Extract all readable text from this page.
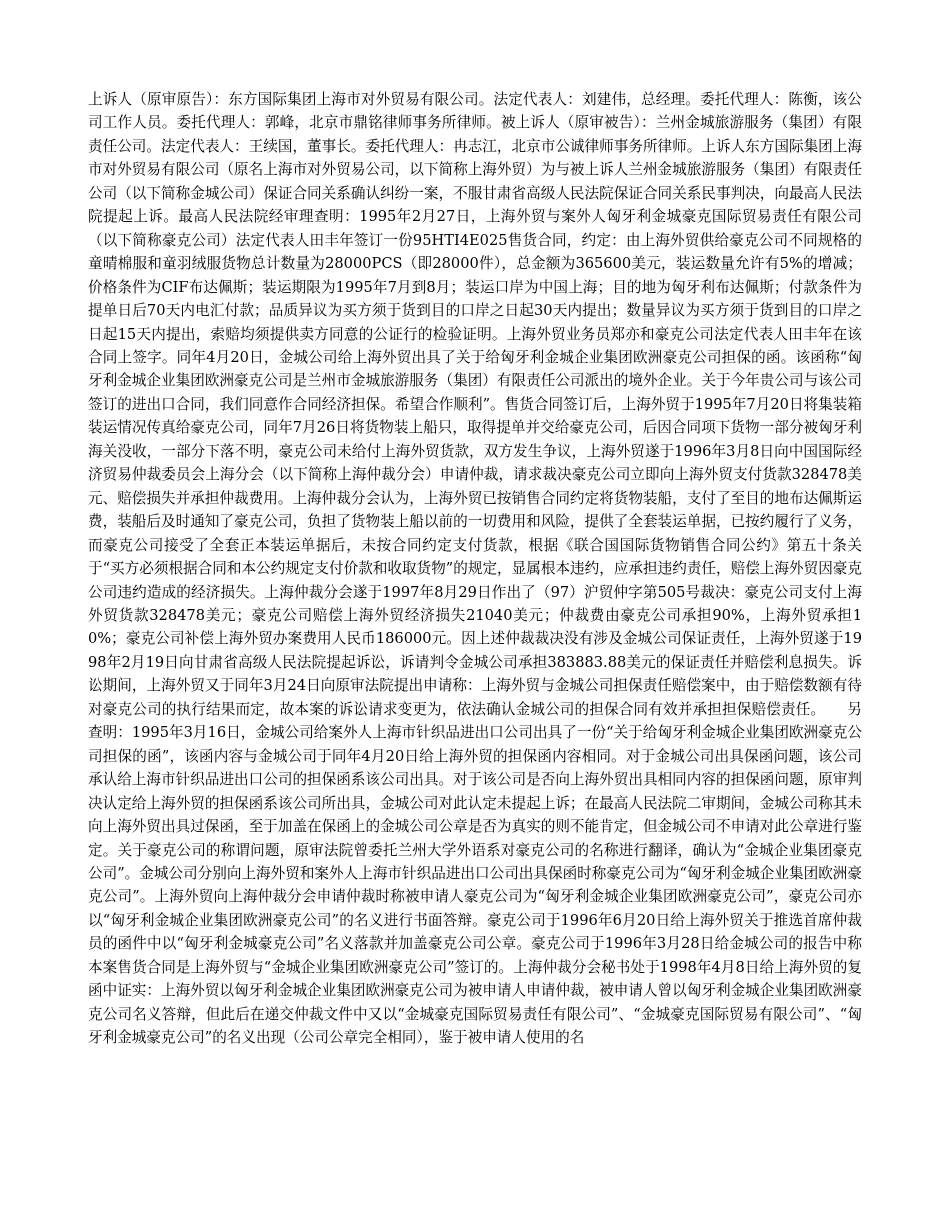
上诉人（原审原告）：东方国际集团上海市对外贸易有限公司。法定代表人：刘建伟，总经理。委托代理人：陈衡，该公司工作人员。委托代理人：郭峰，北京市鼎铭律师事务所律师。被上诉人（原审被告）：兰州金城旅游服务（集团）有限责任公司。法定代表人：王续国，董事长。委托代理人：冉志江，北京市公诚律师事务所律师。上诉人东方国际集团上海市对外贸易有限公司（原名上海市对外贸易公司，以下简称上海外贸）为与被上诉人兰州金城旅游服务（集团）有限责任公司（以下简称金城公司）保证合同关系确认纠纷一案，不服甘肃省高级人民法院保证合同关系民事判决，向最高人民法院提起上诉。最高人民法院经审理查明：1995年2月27日，上海外贸与案外人匈牙利金城豪克国际贸易责任有限公司（以下简称豪克公司）法定代表人田丰年签订一份95HTI4E025售货合同，约定：由上海外贸供给豪克公司不同规格的童晴棉服和童羽绒服货物总计数量为28000PCS（即28000件），总金额为365600美元，装运数量允许有5%的增减；价格条件为CIF布达佩斯；装运期限为1995年7月到8月；装运口岸为中国上海；目的地为匈牙利布达佩斯；付款条件为提单日后70天内电汇付款；品质异议为买方须于货到目的口岸之日起30天内提出；数量异议为买方须于货到目的口岸之日起15天内提出，索赔均须提供卖方同意的公证行的检验证明。上海外贸业务员郑亦和豪克公司法定代表人田丰年在该合同上签字。同年4月20日，金城公司给上海外贸出具了关于给匈牙利金城企业集团欧洲豪克公司担保的函。该函称“匈牙利金城企业集团欧洲豪克公司是兰州市金城旅游服务（集团）有限责任公司派出的境外企业。关于今年贵公司与该公司签订的进出口合同，我们同意作合同经济担保。希望合作顺利”。售货合同签订后，上海外贸于1995年7月20日将集装箱装运情况传真给豪克公司，同年7月26日将货物装上船只，取得提单并交给豪克公司，后因合同项下货物一部分被匈牙利海关没收，一部分下落不明，豪克公司未给付上海外贸货款，双方发生争议，上海外贸遂于1996年3月8日向中国国际经济贸易仲裁委员会上海分会（以下简称上海仲裁分会）申请仲裁，请求裁决豪克公司立即向上海外贸支付货款328478美元、赔偿损失并承担仲裁费用。上海仲裁分会认为，上海外贸已按销售合同约定将货物装船，支付了至目的地布达佩斯运费，装船后及时通知了豪克公司，负担了货物装上船以前的一切费用和风险，提供了全套装运单据，已按约履行了义务，而豪克公司接受了全套正本装运单据后，未按合同约定支付货款，根据《联合国国际货物销售合同公约》第五十条关于“买方必须根据合同和本公约规定支付价款和收取货物”的规定，显属根本违约，应承担违约责任，赔偿上海外贸因豪克公司违约造成的经济损失。上海仲裁分会遂于1997年8月29日作出了（97）沪贸仲字第505号裁决：豪克公司支付上海外贸货款328478美元；豪克公司赔偿上海外贸经济损失21040美元；仲裁费由豪克公司承担90%，上海外贸承担10%；豪克公司补偿上海外贸办案费用人民币186000元。因上述仲裁裁决没有涉及金城公司保证责任，上海外贸遂于1998年2月19日向甘肃省高级人民法院提起诉讼，诉请判令金城公司承担383883.88美元的保证责任并赔偿利息损失。诉讼期间，上海外贸又于同年3月24日向原审法院提出申请称：上海外贸与金城公司担保责任赔偿案中，由于赔偿数额有待对豪克公司的执行结果而定，故本案的诉讼请求变更为，依法确认金城公司的担保合同有效并承担担保赔偿责任。　　另查明：1995年3月16日，金城公司给案外人上海市针织品进出口公司出具了一份“关于给匈牙利金城企业集团欧洲豪克公司担保的函”，该函内容与金城公司于同年4月20日给上海外贸的担保函内容相同。对于金城公司出具保函问题，该公司承认给上海市针织品进出口公司的担保函系该公司出具。对于该公司是否向上海外贸出具相同内容的担保函问题，原审判决认定给上海外贸的担保函系该公司所出具，金城公司对此认定未提起上诉；在最高人民法院二审期间，金城公司称其未向上海外贸出具过保函，至于加盖在保函上的金城公司公章是否为真实的则不能肯定，但金城公司不申请对此公章进行鉴定。关于豪克公司的称谓问题，原审法院曾委托兰州大学外语系对豪克公司的名称进行翻译，确认为“金城企业集团豪克公司”。金城公司分别向上海外贸和案外人上海市针织品进出口公司出具保函时称豪克公司为“匈牙利金城企业集团欧洲豪克公司”。上海外贸向上海仲裁分会申请仲裁时称被申请人豪克公司为“匈牙利金城企业集团欧洲豪克公司”，豪克公司亦以“匈牙利金城企业集团欧洲豪克公司”的名义进行书面答辩。豪克公司于1996年6月20日给上海外贸关于推选首席仲裁员的函件中以“匈牙利金城豪克公司”名义落款并加盖豪克公司公章。豪克公司于1996年3月28日给金城公司的报告中称本案售货合同是上海外贸与“金城企业集团欧洲豪克公司”签订的。上海仲裁分会秘书处于1998年4月8日给上海外贸的复函中证实：上海外贸以匈牙利金城企业集团欧洲豪克公司为被申请人申请仲裁，被申请人曾以匈牙利金城企业集团欧洲豪克公司名义答辩，但此后在递交仲裁文件中又以“金城豪克国际贸易责任有限公司”、“金城豪克国际贸易有限公司”、“匈牙利金城豪克公司”的名义出现（公司公章完全相同），鉴于被申请人使用的名
